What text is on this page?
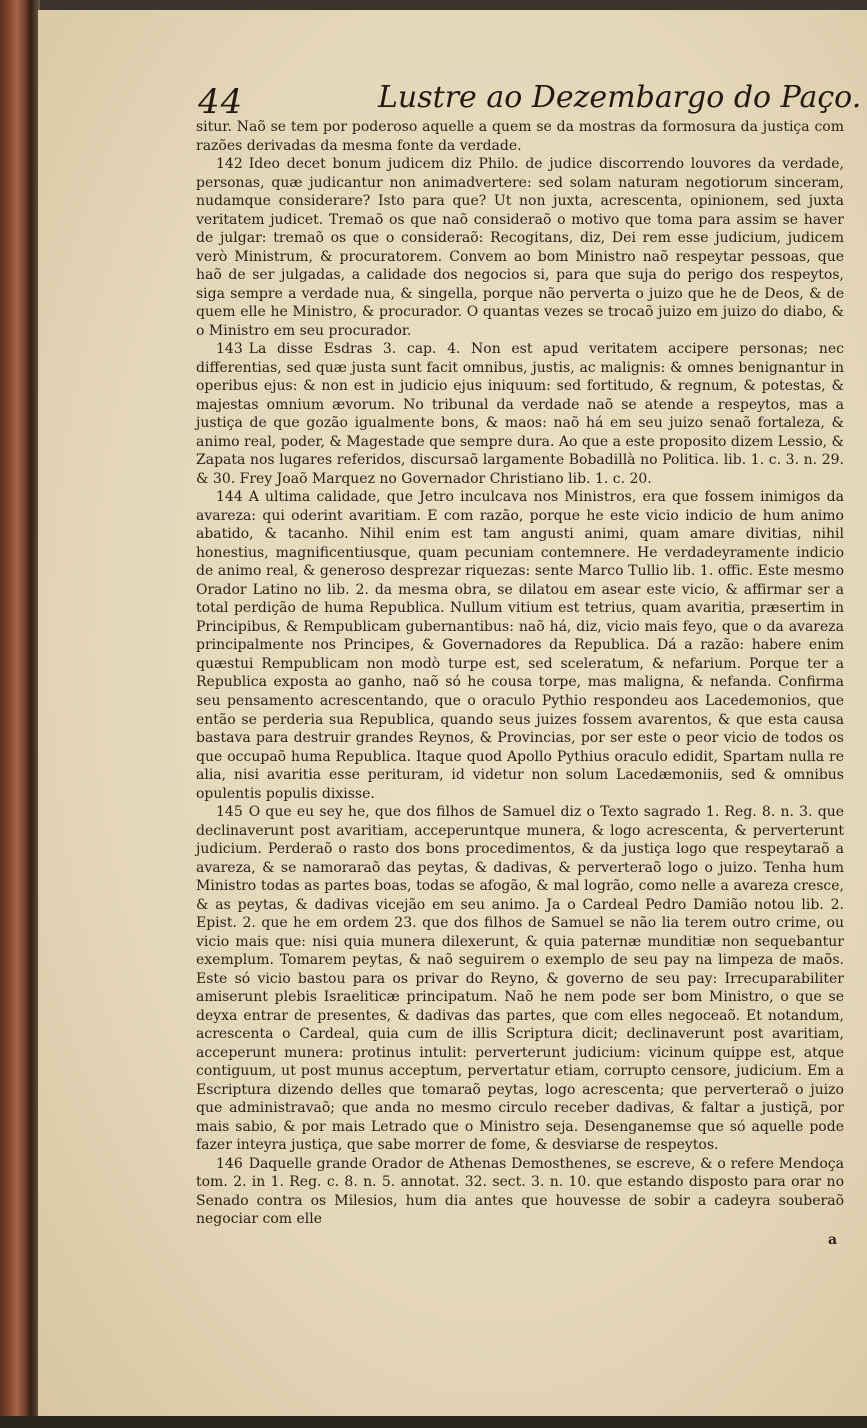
44	Lustre ao Dezembargo do Paço.

situr. Naõ se tem por poderoso aquelle a quem se da mostras da formosura da justiça com razões derivadas da mesma fonte da verdade.

142 Ideo decet bonum judicem diz Philo. de judice discorrendo louvores da verdade, personas, quæ judicantur non animadvertere: sed solam naturam negotiorum sinceram, nudamque considerare? Isto para que? Ut non juxta, acrescenta, opinionem, sed juxta veritatem judicet. Tremaõ os que naõ consideraõ o motivo que toma para assim se haver de julgar: tremaõ os que o consideraõ: Recogitans, diz, Dei rem esse judicium, judicem verò Ministrum, & procuratorem. Convem ao bom Ministro naõ respeytar pessoas, que haõ de ser julgadas, a calidade dos negocios si, para que suja do perigo dos respeytos, siga sempre a verdade nua, & singella, porque não perverta o juizo que he de Deos, & de quem elle he Ministro, & procurador. O quantas vezes se trocaõ juizo em juizo do diabo, & o Ministro em seu procurador.

143 La disse Esdras 3. cap. 4. Non est apud veritatem accipere personas; nec differentias, sed quæ justa sunt facit omnibus, justis, ac malignis: & omnes benignantur in operibus ejus: & non est in judicio ejus iniquum: sed fortitudo, & regnum, & potestas, & majestas omnium ævorum. No tribunal da verdade naõ se atende a respeytos, mas a justiça de que gozão igualmente bons, & maos: naõ há em seu juizo senaõ fortaleza, & animo real, poder, & Magestade que sempre dura. Ao que a este proposito dizem Lessio, & Zapata nos lugares referidos, discursaõ largamente Bobadillà no Politica. lib. 1. c. 3. n. 29. & 30. Frey Joaõ Marquez no Governador Christiano lib. 1. c. 20.

144 A ultima calidade, que Jetro inculcava nos Ministros, era que fossem inimigos da avareza: qui oderint avaritiam. E com razão, porque he este vicio indicio de hum animo abatido, & tacanho. Nihil enim est tam angusti animi, quam amare divitias, nihil honestius, magnificentiusque, quam pecuniam contemnere. He verdadeyramente indicio de animo real, & generoso desprezar riquezas: sente Marco Tullio lib. 1. offic. Este mesmo Orador Latino no lib. 2. da mesma obra, se dilatou em asear este vicio, & affirmar ser a total perdição de huma Republica. Nullum vitium est tetrius, quam avaritia, præsertim in Principibus, & Rempublicam gubernantibus: naõ há, diz, vicio mais feyo, que o da avareza principalmente nos Principes, & Governadores da Republica. Dá a razão: habere enim quæstui Rempublicam non modò turpe est, sed sceleratum, & nefarium. Porque ter a Republica exposta ao ganho, naõ só he cousa torpe, mas maligna, & nefanda. Confirma seu pensamento acrescentando, que o oraculo Pythio respondeu aos Lacedemonios, que então se perderia sua Republica, quando seus juizes fossem avarentos, & que esta causa bastava para destruir grandes Reynos, & Provincias, por ser este o peor vicio de todos os que occupaõ huma Republica. Itaque quod Apollo Pythius oraculo edidit, Spartam nulla re alia, nisi avaritia esse perituram, id videtur non solum Lacedæmoniis, sed & omnibus opulentis populis dixisse.

145 O que eu sey he, que dos filhos de Samuel diz o Texto sagrado 1. Reg. 8. n. 3. que declinaverunt post avaritiam, acceperuntque munera, & logo acrescenta, & perverterunt judicium. Perderaõ o rasto dos bons procedimentos, & da justiça logo que respeytaraõ a avareza, & se namoraraõ das peytas, & dadivas, & perverteraõ logo o juizo. Tenha hum Ministro todas as partes boas, todas se afogão, & mal logrão, como nelle a avareza cresce, & as peytas, & dadivas vicejão em seu animo. Ja o Cardeal Pedro Damião notou lib. 2. Epist. 2. que he em ordem 23. que dos filhos de Samuel se não lia terem outro crime, ou vicio mais que: nisi quia munera dilexerunt, & quia paternæ munditiæ non sequebantur exemplum. Tomarem peytas, & naõ seguirem o exemplo de seu pay na limpeza de maõs. Este só vicio bastou para os privar do Reyno, & governo de seu pay: Irrecuparabiliter amiserunt plebis Israeliticæ principatum. Naõ he nem pode ser bom Ministro, o que se deyxa entrar de presentes, & dadivas das partes, que com elles negoceaõ. Et notandum, acrescenta o Cardeal, quia cum de illis Scriptura dicit; declinaverunt post avaritiam, acceperunt munera: protinus intulit: perverterunt judicium: vicinum quippe est, atque contiguum, ut post munus acceptum, pervertatur etiam, corrupto censore, judicium. Em a Escriptura dizendo delles que tomaraõ peytas, logo acrescenta; que perverteraõ o juizo que administravaõ; que anda no mesmo circulo receber dadivas, & faltar a justiçã, por mais sabio, & por mais Letrado que o Ministro seja. Desenganemse que só aquelle pode fazer inteyra justiça, que sabe morrer de fome, & desviarse de respeytos.

146 Daquelle grande Orador de Athenas Demosthenes, se escreve, & o refere Mendoça tom. 2. in 1. Reg. c. 8. n. 5. annotat. 32. sect. 3. n. 10. que estando disposto para orar no Senado contra os Milesios, hum dia antes que houvesse de sobir a cadeyra souberaõ negociar com elle

a
